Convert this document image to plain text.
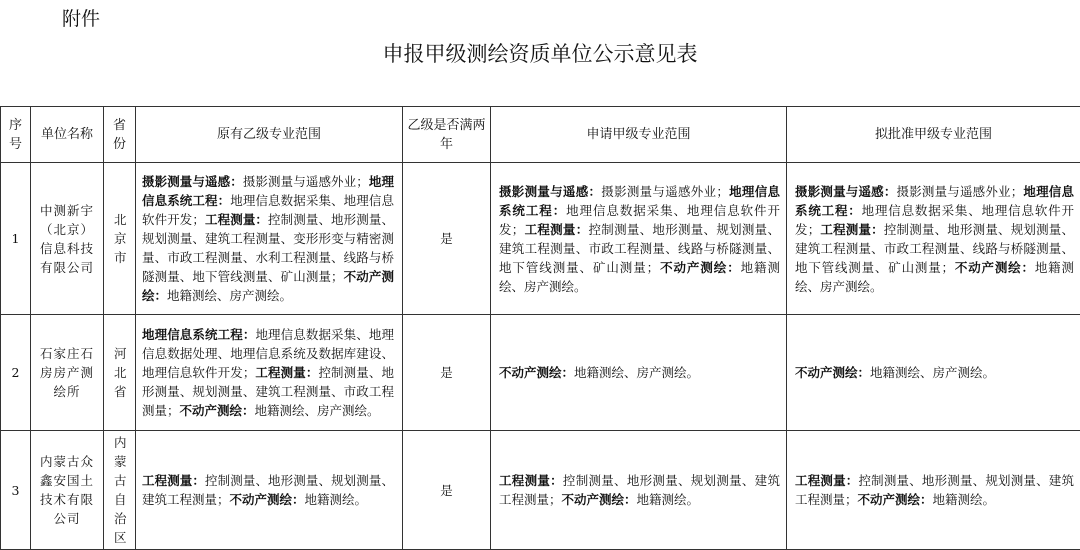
附件
申报甲级测绘资质单位公示意见表
序号	单位名称	省份	原有乙级专业范围	乙级是否满两年	申请甲级专业范围	拟批准甲级专业范围
1	中测新宇（北京）信息科技有限公司	北京市	摄影测量与遥感：摄影测量与遥感外业；地理信息系统工程：地理信息数据采集、地理信息软件开发；工程测量：控制测量、地形测量、规划测量、建筑工程测量、变形形变与精密测量、市政工程测量、水利工程测量、线路与桥隧测量、地下管线测量、矿山测量；不动产测绘：地籍测绘、房产测绘。	是	摄影测量与遥感：摄影测量与遥感外业；地理信息系统工程：地理信息数据采集、地理信息软件开发；工程测量：控制测量、地形测量、规划测量、建筑工程测量、市政工程测量、线路与桥隧测量、地下管线测量、矿山测量；不动产测绘：地籍测绘、房产测绘。	摄影测量与遥感：摄影测量与遥感外业；地理信息系统工程：地理信息数据采集、地理信息软件开发；工程测量：控制测量、地形测量、规划测量、建筑工程测量、市政工程测量、线路与桥隧测量、地下管线测量、矿山测量；不动产测绘：地籍测绘、房产测绘。
2	石家庄石房房产测绘所	河北省	地理信息系统工程：地理信息数据采集、地理信息数据处理、地理信息系统及数据库建设、地理信息软件开发；工程测量：控制测量、地形测量、规划测量、建筑工程测量、市政工程测量；不动产测绘：地籍测绘、房产测绘。	是	不动产测绘：地籍测绘、房产测绘。	不动产测绘：地籍测绘、房产测绘。
3	内蒙古众鑫安国土技术有限公司	内蒙古自治区	工程测量：控制测量、地形测量、规划测量、建筑工程测量；不动产测绘：地籍测绘。	是	工程测量：控制测量、地形测量、规划测量、建筑工程测量；不动产测绘：地籍测绘。	工程测量：控制测量、地形测量、规划测量、建筑工程测量；不动产测绘：地籍测绘。
